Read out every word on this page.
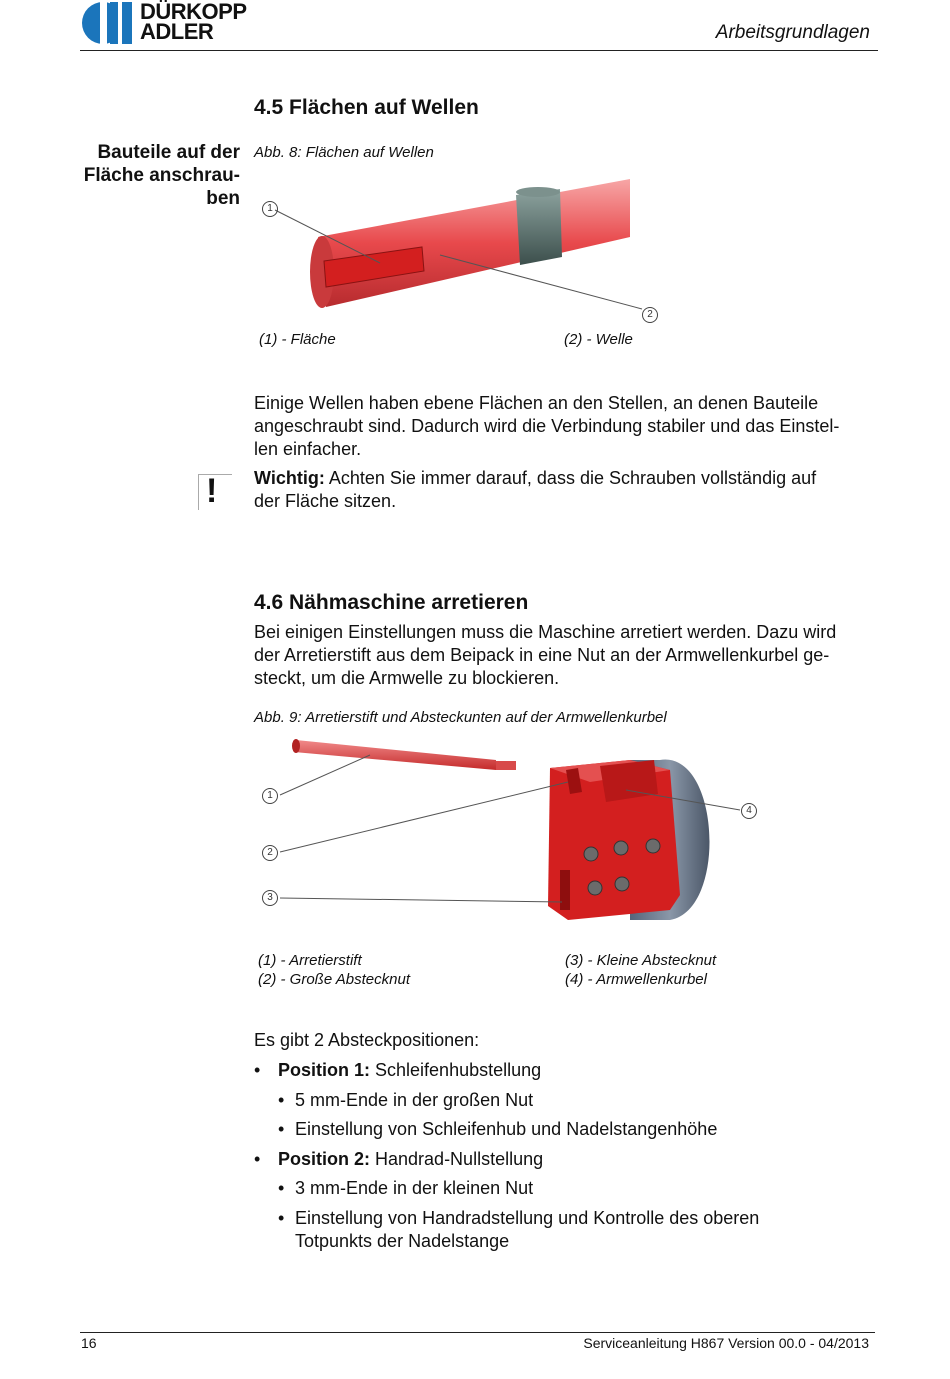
DÜRKOPP
ADLER	Arbeitsgrundlagen
4.5 Flächen auf Wellen
Bauteile auf der
Fläche anschrau-
ben
Abb. 8: Flächen auf Wellen
1
2
(1) - Fläche	(2) - Welle
Einige Wellen haben ebene Flächen an den Stellen, an denen Bauteile
angeschraubt sind. Dadurch wird die Verbindung stabiler und das Einstel-
len einfacher.
! Wichtig: Achten Sie immer darauf, dass die Schrauben vollständig auf
der Fläche sitzen.
4.6 Nähmaschine arretieren
Bei einigen Einstellungen muss die Maschine arretiert werden. Dazu wird
der Arretierstift aus dem Beipack in eine Nut an der Armwellenkurbel ge-
steckt, um die Armwelle zu blockieren.
Abb. 9: Arretierstift und Absteckunten auf der Armwellenkurbel
1
2
3
4
(1) - Arretierstift
(2) - Große Abstecknut
(3) - Kleine Abstecknut
(4) - Armwellenkurbel
Es gibt 2 Absteckpositionen:
• Position 1: Schleifenhubstellung
• 5 mm-Ende in der großen Nut
• Einstellung von Schleifenhub und Nadelstangenhöhe
• Position 2: Handrad-Nullstellung
• 3 mm-Ende in der kleinen Nut
• Einstellung von Handradstellung und Kontrolle des oberen
Totpunkts der Nadelstange
16	Serviceanleitung H867 Version 00.0 - 04/2013
